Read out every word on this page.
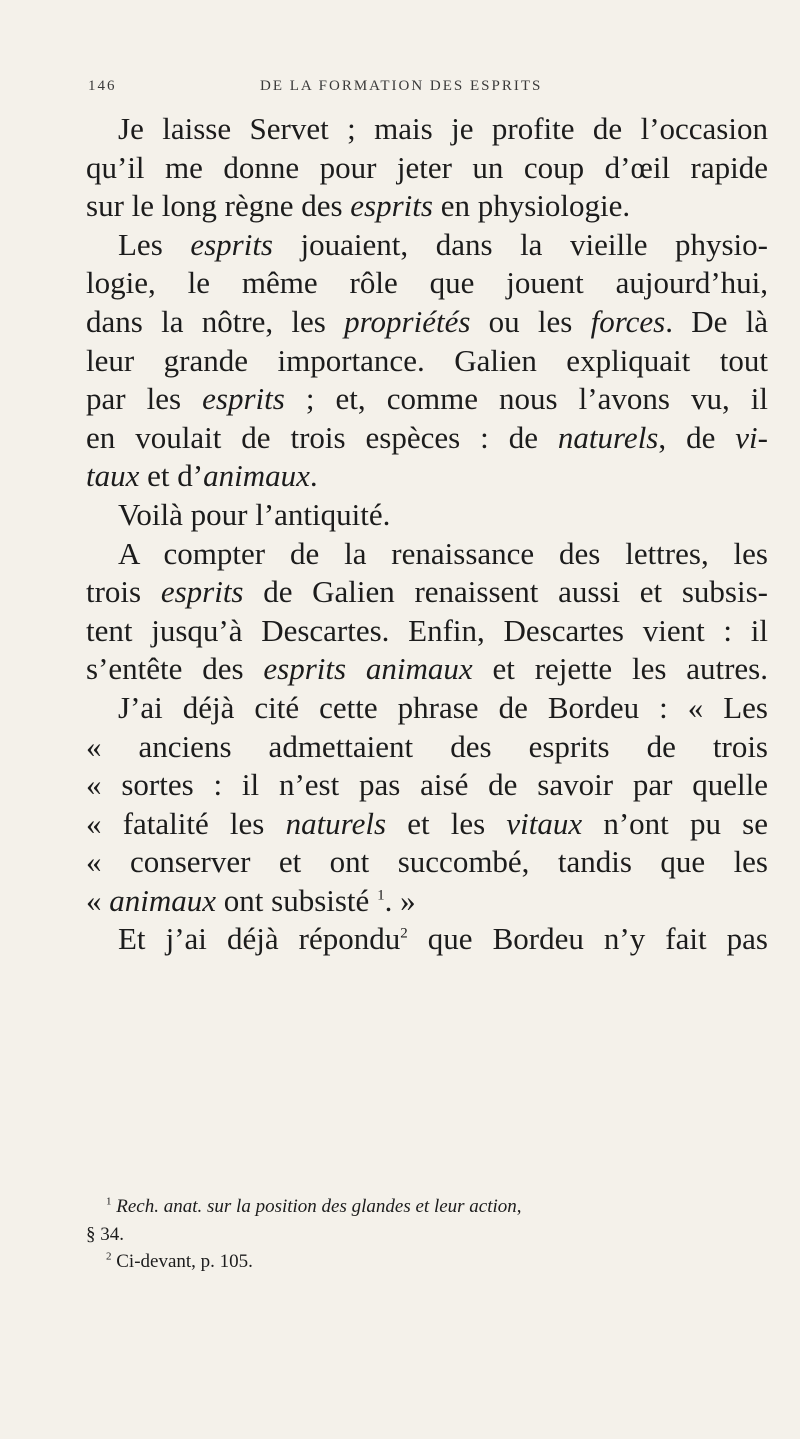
146	DE LA FORMATION DES ESPRITS
Je laisse Servet ; mais je profite de l’occasion
qu’il me donne pour jeter un coup d’œil rapide
sur le long règne des esprits en physiologie.
Les esprits jouaient, dans la vieille physio-
logie, le même rôle que jouent aujourd’hui,
dans la nôtre, les propriétés ou les forces. De là
leur grande importance. Galien expliquait tout
par les esprits ; et, comme nous l’avons vu, il
en voulait de trois espèces : de naturels, de vi-
taux et d’animaux.
Voilà pour l’antiquité.
A compter de la renaissance des lettres, les
trois esprits de Galien renaissent aussi et subsis-
tent jusqu’à Descartes. Enfin, Descartes vient : il
s’entête des esprits animaux et rejette les autres.
J’ai déjà cité cette phrase de Bordeu : « Les
« anciens admettaient des esprits de trois
« sortes : il n’est pas aisé de savoir par quelle
« fatalité les naturels et les vitaux n’ont pu se
« conserver et ont succombé, tandis que les
« animaux ont subsisté $^1$. »
Et j’ai déjà répondu$^2$ que Bordeu n’y fait pas
$^1$ Rech. anat. sur la position des glandes et leur action,
§ 34.
$^2$ Ci-devant, p. 105.
